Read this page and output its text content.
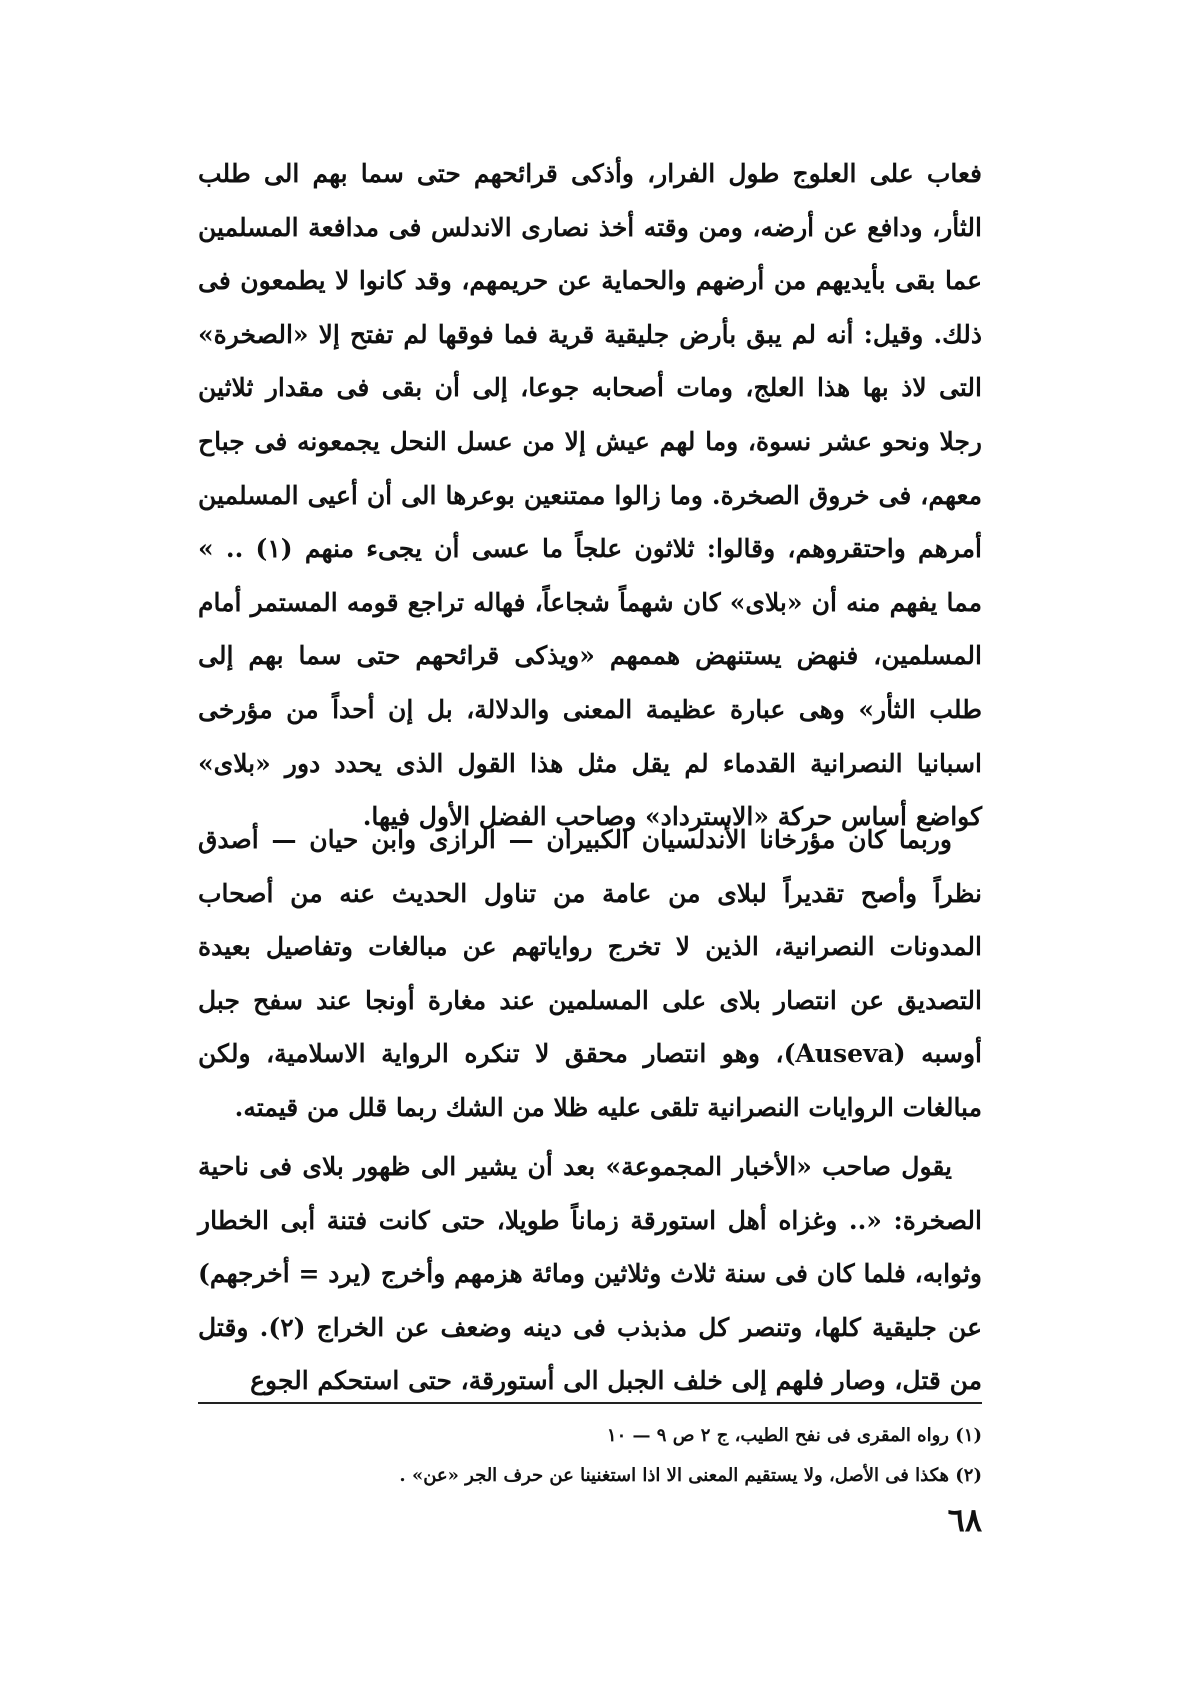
فعاب على العلوج طول الفرار، وأذكى قرائحهم حتى سما بهم الى طلب الثأر، ودافع عن أرضه، ومن وقته أخذ نصارى الاندلس فى مدافعة المسلمين عما بقى بأيديهم من أرضهم والحماية عن حريمهم، وقد كانوا لا يطمعون فى ذلك. وقيل: أنه لم يبق بأرض جليقية قرية فما فوقها لم تفتح إلا «الصخرة» التى لاذ بها هذا العلج، ومات أصحابه جوعا، إلى أن بقى فى مقدار ثلاثين رجلا ونحو عشر نسوة، وما لهم عيش إلا من عسل النحل يجمعونه فى جباح معهم، فى خروق الصخرة. وما زالوا ممتنعين بوعرها الى أن أعيى المسلمين أمرهم واحتقروهم، وقالوا: ثلاثون علجاً ما عسى أن يجىء منهم (١) .. » مما يفهم منه أن «بلاى» كان شهماً شجاعاً، فهاله تراجع قومه المستمر أمام المسلمين، فنهض يستنهض هممهم «ويذكى قرائحهم حتى سما بهم إلى طلب الثأر» وهى عبارة عظيمة المعنى والدلالة، بل إن أحداً من مؤرخى اسبانيا النصرانية القدماء لم يقل مثل هذا القول الذى يحدد دور «بلاى» كواضع أساس حركة «الاسترداد» وصاحب الفضل الأول فيها.

وربما كان مؤرخانا الأندلسيان الكبيران — الرازى وابن حيان — أصدق نظراً وأصح تقديراً لبلاى من عامة من تناول الحديث عنه من أصحاب المدونات النصرانية، الذين لا تخرج رواياتهم عن مبالغات وتفاصيل بعيدة التصديق عن انتصار بلاى على المسلمين عند مغارة أونجا عند سفح جبل أوسبه (Auseva)، وهو انتصار محقق لا تنكره الرواية الاسلامية، ولكن مبالغات الروايات النصرانية تلقى عليه ظلا من الشك ربما قلل من قيمته.

يقول صاحب «الأخبار المجموعة» بعد أن يشير الى ظهور بلاى فى ناحية الصخرة: «.. وغزاه أهل استورقة زماناً طويلا، حتى كانت فتنة أبى الخطار وثوابه، فلما كان فى سنة ثلاث وثلاثين ومائة هزمهم وأخرج (يرد = أخرجهم) عن جليقية كلها، وتنصر كل مذبذب فى دينه وضعف عن الخراج (٢). وقتل من قتل، وصار فلهم إلى خلف الجبل الى أستورقة، حتى استحكم الجوع

(١) رواه المقرى فى نفح الطيب، ج ٢ ص ٩ — ١٠

(٢) هكذا فى الأصل، ولا يستقيم المعنى الا اذا استغنينا عن حرف الجر «عن» .

٦٨
